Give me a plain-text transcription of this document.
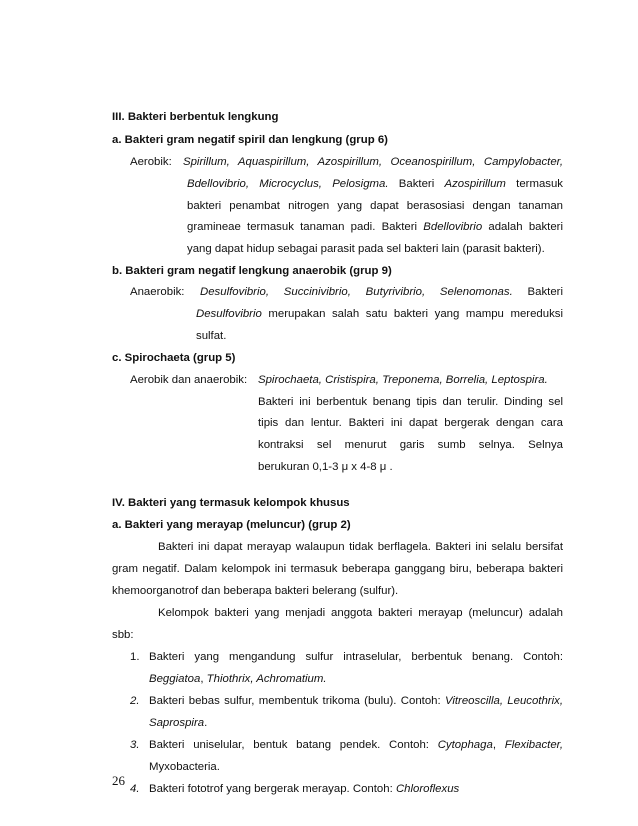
III. Bakteri berbentuk lengkung
a. Bakteri gram negatif spiril dan lengkung (grup 6)
Aerobik: Spirillum, Aquaspirillum, Azospirillum, Oceanospirillum, Campylobacter,
Bdellovibrio, Microcyclus, Pelosigma. Bakteri Azospirillum termasuk
bakteri penambat nitrogen yang dapat berasosiasi dengan tanaman
gramineae termasuk tanaman padi. Bakteri Bdellovibrio adalah bakteri
yang dapat hidup sebagai parasit pada sel bakteri lain (parasit bakteri).
b. Bakteri gram negatif lengkung anaerobik (grup 9)
Anaerobik: Desulfovibrio, Succinivibrio, Butyrivibrio, Selenomonas. Bakteri
Desulfovibrio merupakan salah satu bakteri yang mampu mereduksi
sulfat.
c. Spirochaeta (grup 5)
Aerobik dan anaerobik: Spirochaeta, Cristispira, Treponema, Borrelia, Leptospira.
Bakteri ini berbentuk benang tipis dan terulir. Dinding sel
tipis dan lentur. Bakteri ini dapat bergerak dengan cara
kontraksi sel menurut garis sumb selnya. Selnya
berukuran 0,1-3 μ x 4-8 μ .
IV. Bakteri yang termasuk kelompok khusus
a. Bakteri yang merayap (meluncur) (grup 2)
Bakteri ini dapat merayap walaupun tidak berflagela. Bakteri ini selalu bersifat
gram negatif. Dalam kelompok ini termasuk beberapa ganggang biru, beberapa bakteri
khemoorganotrof dan beberapa bakteri belerang (sulfur).
Kelompok bakteri yang menjadi anggota bakteri merayap (meluncur) adalah
sbb:
1. Bakteri yang mengandung sulfur intraselular, berbentuk benang. Contoh:
Beggiatoa, Thiothrix, Achromatium.
2. Bakteri bebas sulfur, membentuk trikoma (bulu). Contoh: Vitreoscilla, Leucothrix,
Saprospira.
3. Bakteri uniselular, bentuk batang pendek. Contoh: Cytophaga, Flexibacter,
Myxobacteria.
4. Bakteri fototrof yang bergerak merayap. Contoh: Chloroflexus
26
